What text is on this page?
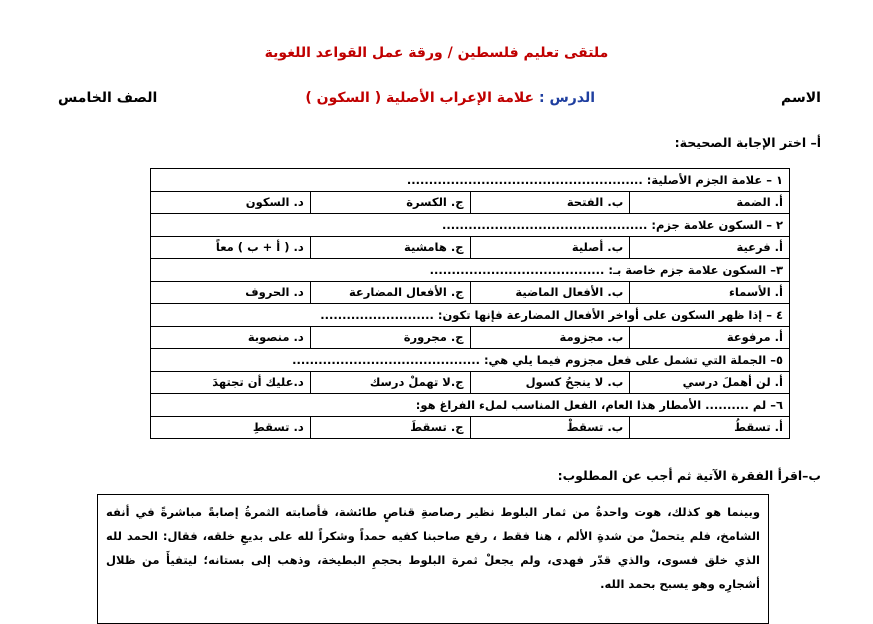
ملتقى تعليم فلسطين / ورقة عمل القواعد اللغوية
الاسم
الدرس : علامة الإعراب الأصلية ( السكون )
الصف الخامس
أ– اختر الإجابة الصحيحة:
١ – علامة الجزم الأصلية: ......................................................			
أ. الضمة	ب. الفتحة	ج. الكسرة	د. السكون
٢ – السكون علامة جزم: ...............................................			
أ. فرعية	ب. أصلية	ج. هامشية	د. ( أ + ب ) معاً
٣– السكون علامة جزم خاصة بـ: ........................................			
أ. الأسماء	ب. الأفعال الماضية	ج. الأفعال المضارعة	د. الحروف
٤ – إذا ظهر السكون على أواخر الأفعال المضارعة فإنها تكون: ..........................			
أ. مرفوعة	ب. مجزومة	ج. مجرورة	د. منصوبة
٥– الجملة التي تشمل على فعل مجزوم فيما يلي هي: ...........................................			
أ. لن أهملَ درسي	ب. لا ينجحُ كسول	ج.لا تهملْ درسك	د.عليك أن تجتهدَ
٦– لم .......... الأمطار هذا العام، الفعل المناسب لملء الفراغ هو:			
أ. تسقطُ	ب. تسقطْ	ج. تسقطَ	د. تسقطِ
ب–اقرأ الفقرة الآتية ثم أجب عن المطلوب:
وبينما هو كذلك، هوت واحدةٌ من ثمار البلوط نظير رصاصةِ قناصٍ طائشة، فأصابته الثمرةُ إصابةً مباشرةً في أنفه الشامخ، فلم يتحملْ من شدةِ الألم ، هنا فقط ، رفع صاحبنا كفيه حمداً وشكراً لله على بديعِ خلقه، فقال: الحمد لله الذي خلق فسوى، والذي قدّر فهدى، ولم يجعلْ ثمرة البلوط بحجمِ البطيخة، وذهب إلى بستانه؛ ليتفيأَ من ظلال أشجارِه وهو يسبح بحمد الله.
